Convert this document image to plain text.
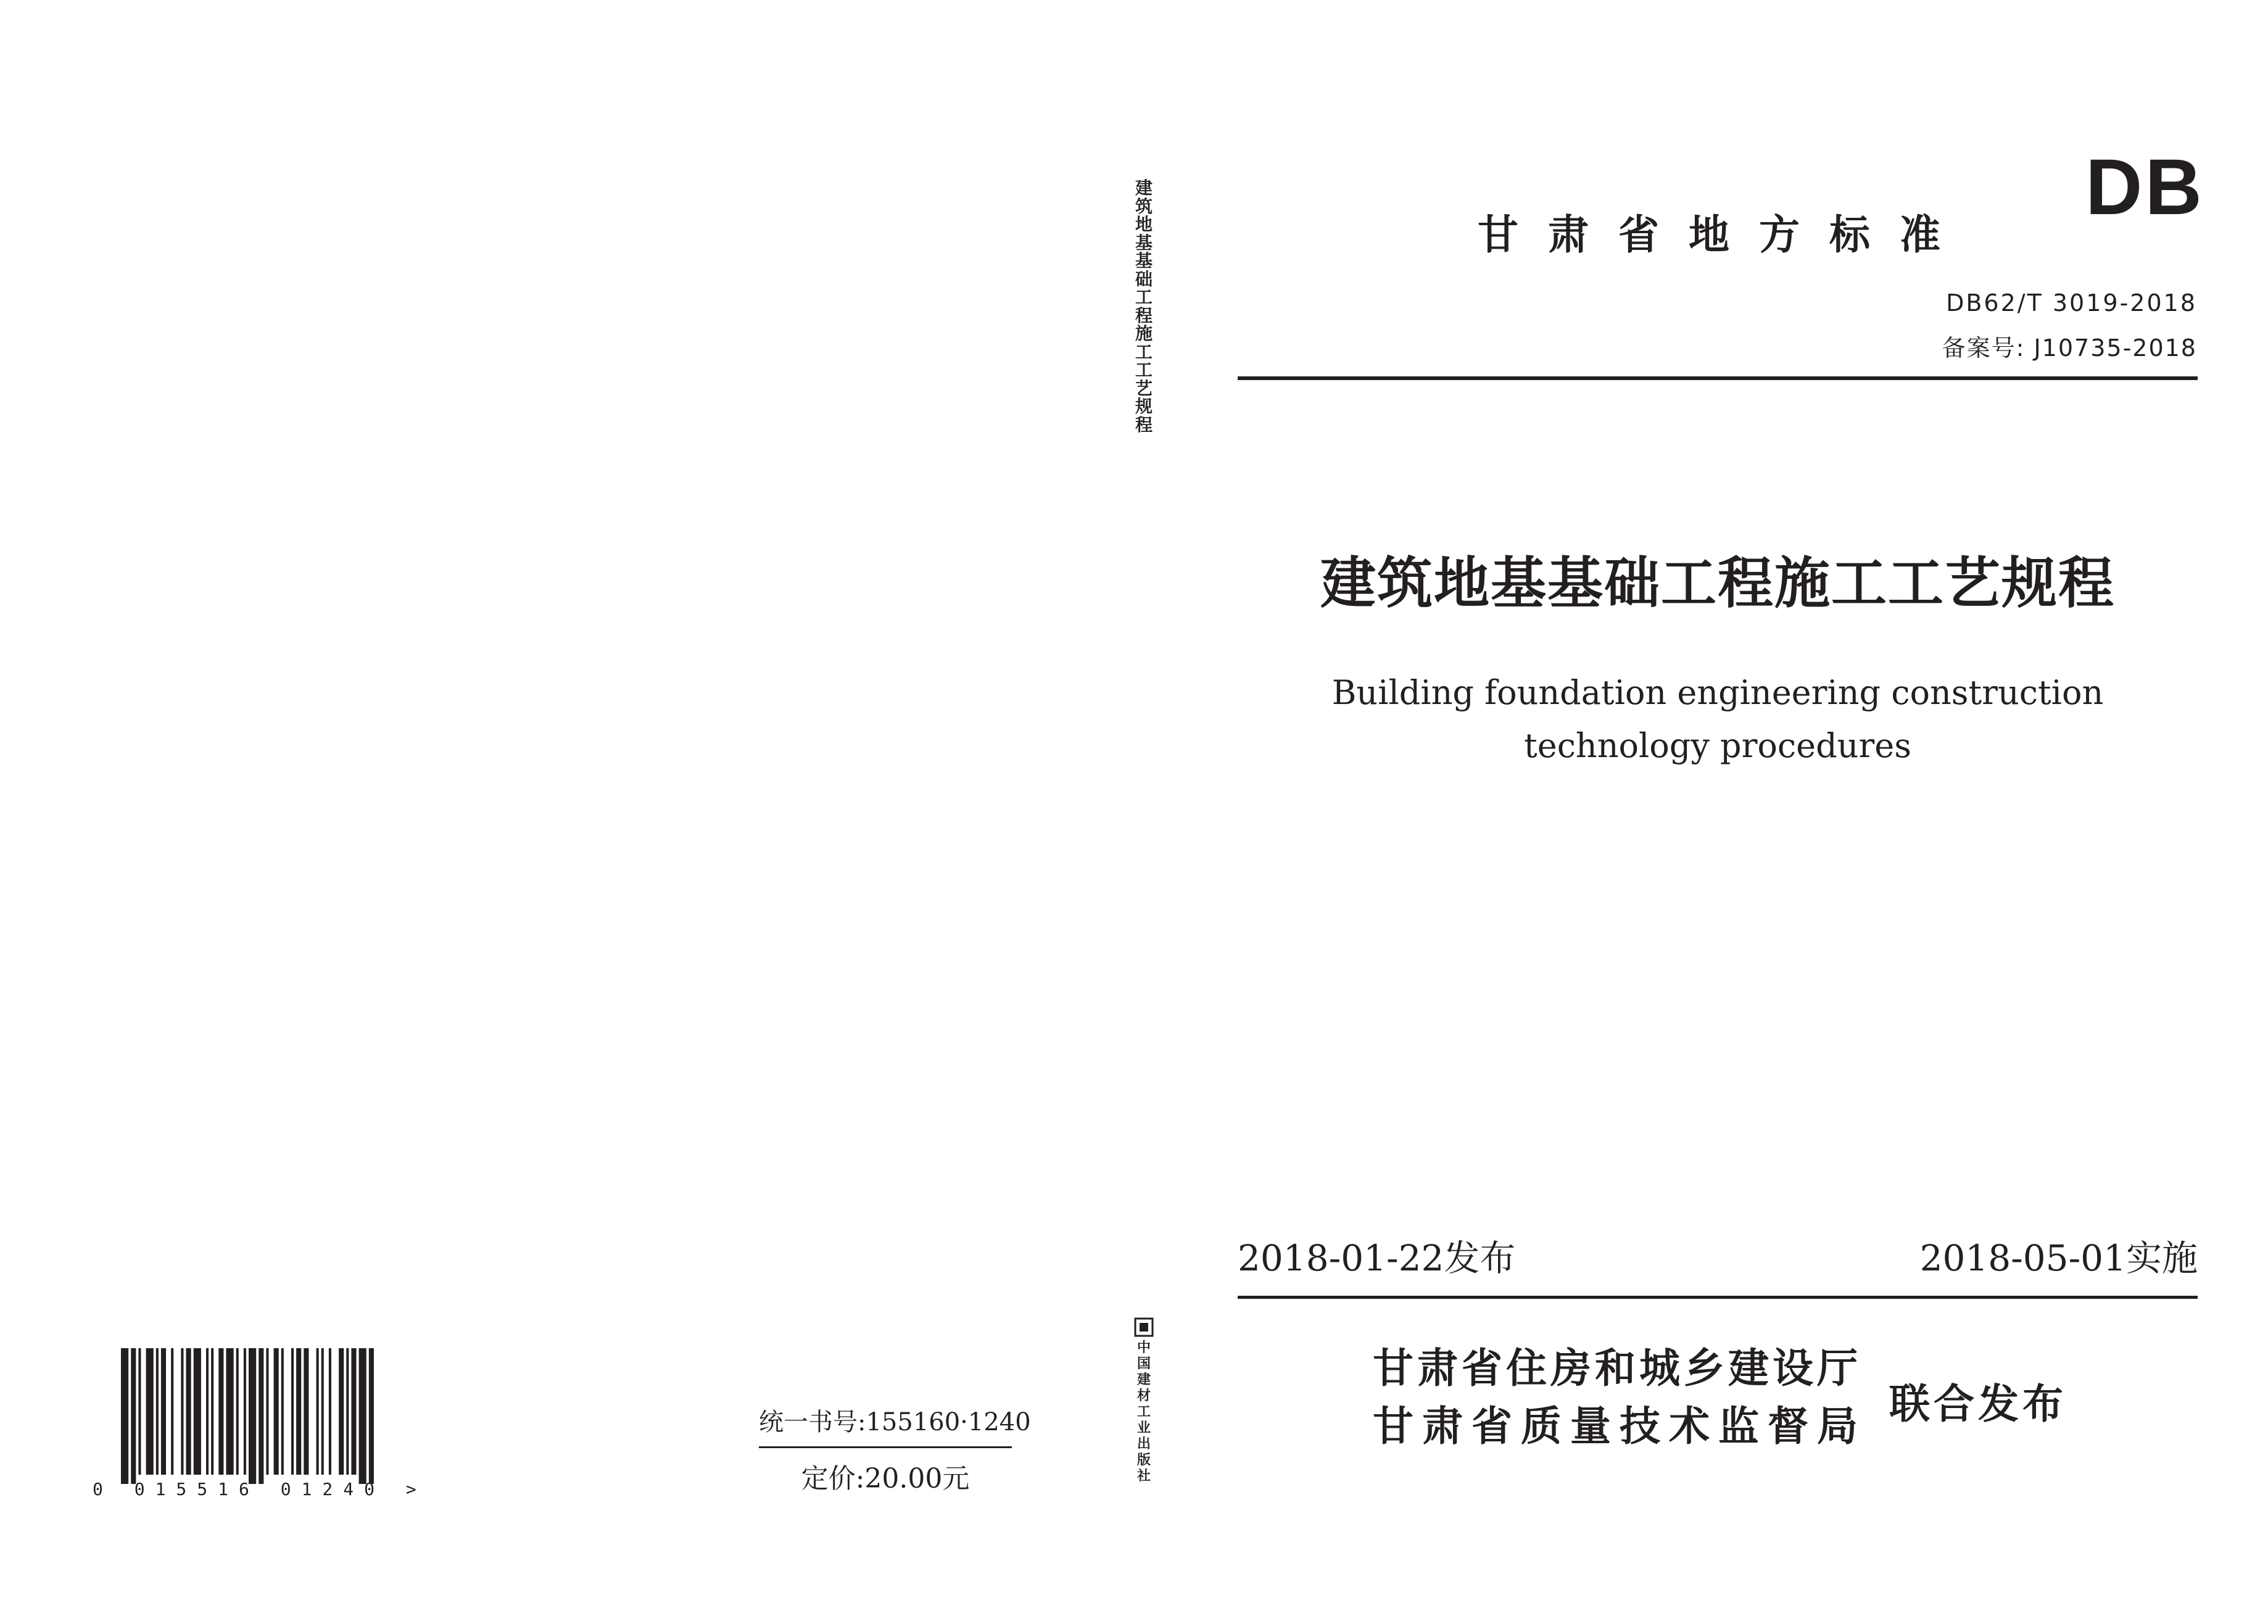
0 015516 01240 >
统一书号:155160·1240
定价:20.00元
建筑地基基础工程施工工艺规程
中国建材工业出版社
甘肃省地方标准
DB
DB62/T 3019-2018
备案号: J10735-2018
建筑地基基础工程施工工艺规程
Building foundation engineering construction technology procedures
2018-01-22发布	2018-05-01实施
甘肃省住房和城乡建设厅
甘肃省质量技术监督局 联合发布
